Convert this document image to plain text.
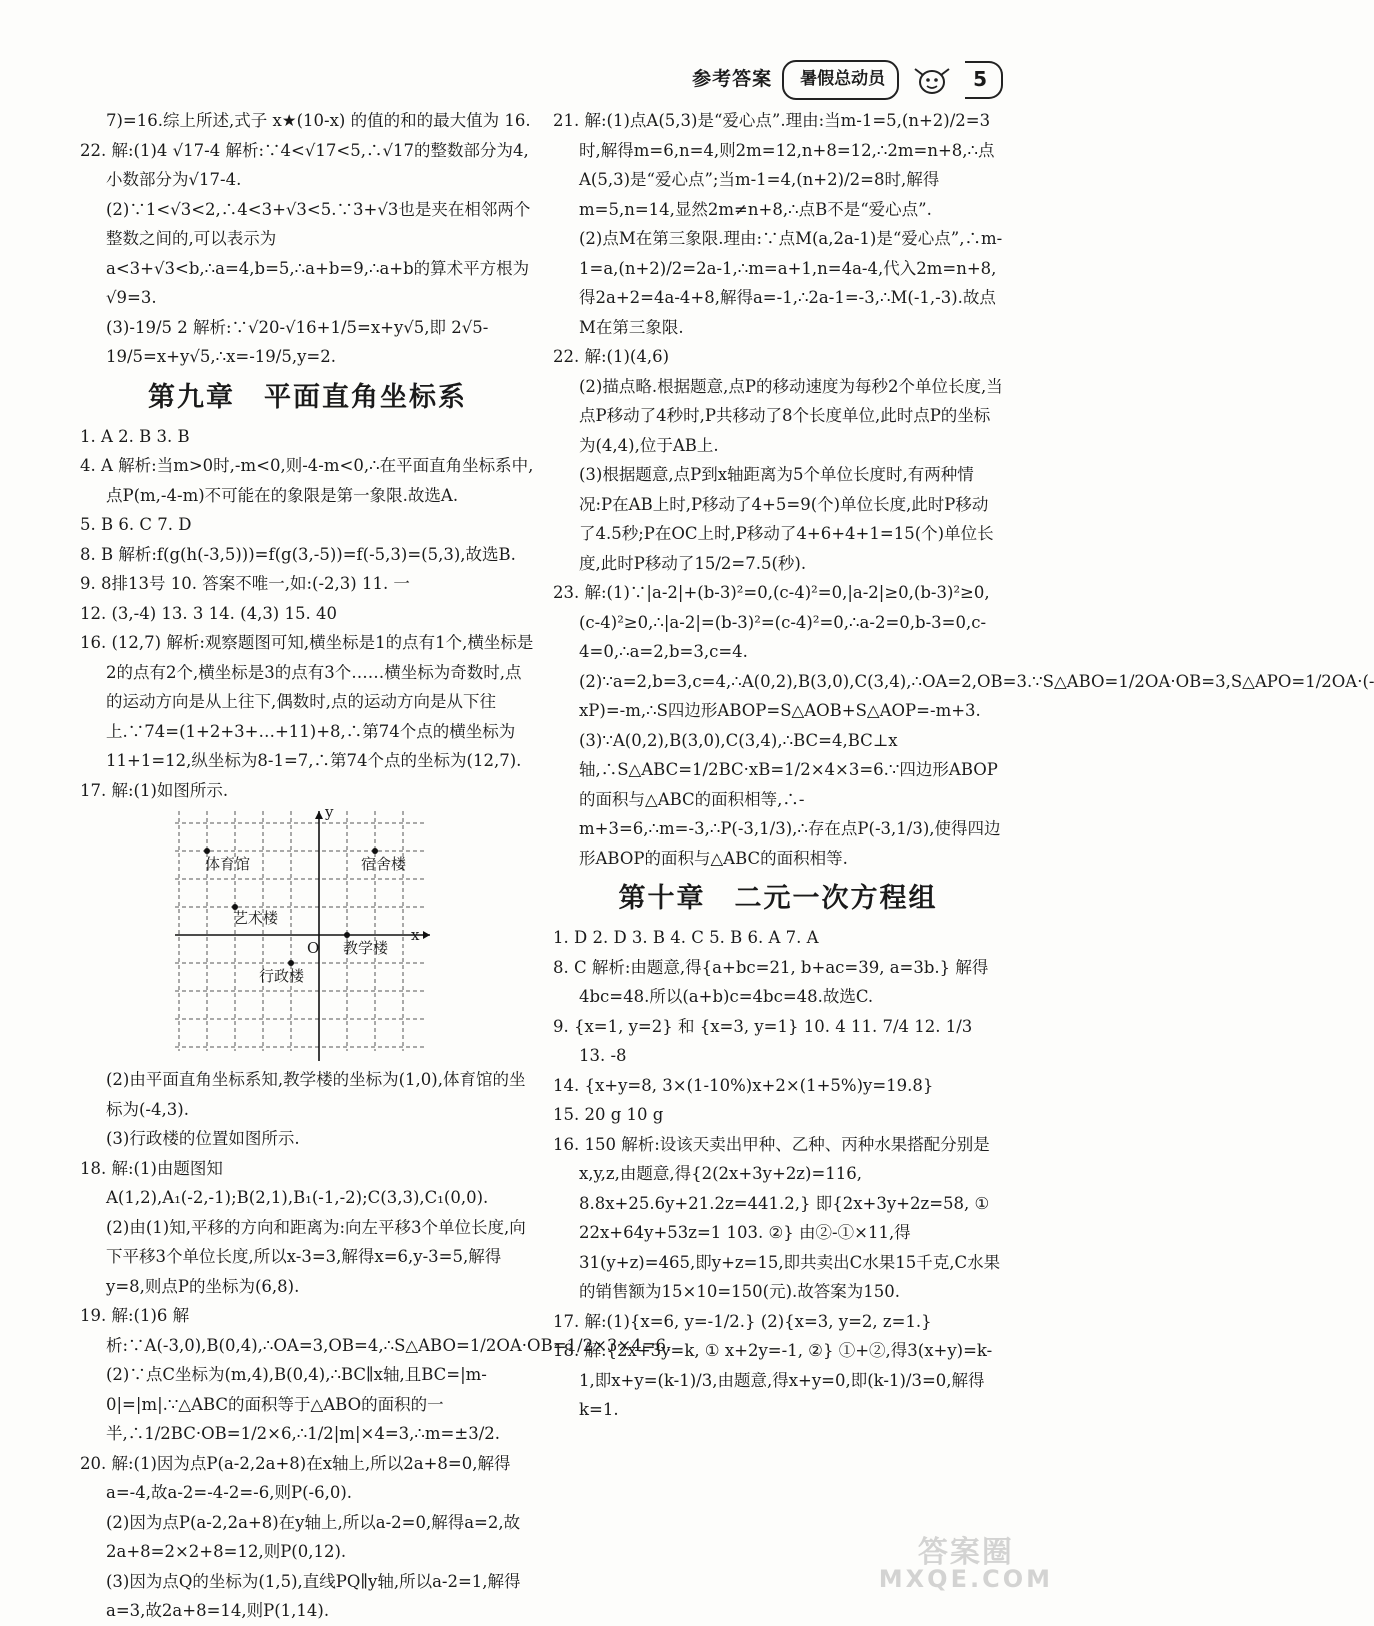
参考答案	暑假总动员	5

7)=16.综上所述,式子 x★(10-x) 的值的和的最大值为 16.

22. 解:(1)4 √17-4 解析:∵4<√17<5,∴√17的整数部分为4,小数部分为√17-4.

(2)∵1<√3<2,∴4<3+√3<5.∵3+√3也是夹在相邻两个整数之间的,可以表示为a<3+√3<b,∴a=4,b=5,∴a+b=9,∴a+b的算术平方根为√9=3.

(3)-19/5 2 解析:∵√20-√16+1/5=x+y√5,即 2√5-19/5=x+y√5,∴x=-19/5,y=2.

第九章　平面直角坐标系

1. A 2. B 3. B

4. A 解析:当m>0时,-m<0,则-4-m<0,∴在平面直角坐标系中,点P(m,-4-m)不可能在的象限是第一象限.故选A.

5. B 6. C 7. D

8. B 解析:f(g(h(-3,5)))=f(g(3,-5))=f(-5,3)=(5,3),故选B.

9. 8排13号 10. 答案不唯一,如:(-2,3) 11. 一

12. (3,-4) 13. 3 14. (4,3) 15. 40

16. (12,7) 解析:观察题图可知,横坐标是1的点有1个,横坐标是2的点有2个,横坐标是3的点有3个……横坐标为奇数时,点的运动方向是从上往下,偶数时,点的运动方向是从下往上.∵74=(1+2+3+…+11)+8,∴第74个点的横坐标为11+1=12,纵坐标为8-1=7,∴第74个点的坐标为(12,7).

17. 解:(1)如图所示.

x
y
O
宿舍楼
体育馆
艺术楼
教学楼
行政楼

(2)由平面直角坐标系知,教学楼的坐标为(1,0),体育馆的坐标为(-4,3).

(3)行政楼的位置如图所示.

18. 解:(1)由题图知A(1,2),A₁(-2,-1);B(2,1),B₁(-1,-2);C(3,3),C₁(0,0).

(2)由(1)知,平移的方向和距离为:向左平移3个单位长度,向下平移3个单位长度,所以x-3=3,解得x=6,y-3=5,解得y=8,则点P的坐标为(6,8).

19. 解:(1)6 解析:∵A(-3,0),B(0,4),∴OA=3,OB=4,∴S△ABO=1/2OA·OB=1/2×3×4=6.

(2)∵点C坐标为(m,4),B(0,4),∴BC∥x轴,且BC=|m-0|=|m|.∵△ABC的面积等于△ABO的面积的一半,∴1/2BC·OB=1/2×6,∴1/2|m|×4=3,∴m=±3/2.

20. 解:(1)因为点P(a-2,2a+8)在x轴上,所以2a+8=0,解得a=-4,故a-2=-4-2=-6,则P(-6,0).

(2)因为点P(a-2,2a+8)在y轴上,所以a-2=0,解得a=2,故2a+8=2×2+8=12,则P(0,12).

(3)因为点Q的坐标为(1,5),直线PQ∥y轴,所以a-2=1,解得a=3,故2a+8=14,则P(1,14).

21. 解:(1)点A(5,3)是“爱心点”.理由:当m-1=5,(n+2)/2=3时,解得m=6,n=4,则2m=12,n+8=12,∴2m=n+8,∴点A(5,3)是“爱心点”;当m-1=4,(n+2)/2=8时,解得m=5,n=14,显然2m≠n+8,∴点B不是“爱心点”.

(2)点M在第三象限.理由:∵点M(a,2a-1)是“爱心点”,∴m-1=a,(n+2)/2=2a-1,∴m=a+1,n=4a-4,代入2m=n+8,得2a+2=4a-4+8,解得a=-1,∴2a-1=-3,∴M(-1,-3).故点M在第三象限.

22. 解:(1)(4,6)

(2)描点略.根据题意,点P的移动速度为每秒2个单位长度,当点P移动了4秒时,P共移动了8个长度单位,此时点P的坐标为(4,4),位于AB上.

(3)根据题意,点P到x轴距离为5个单位长度时,有两种情况:P在AB上时,P移动了4+5=9(个)单位长度,此时P移动了4.5秒;P在OC上时,P移动了4+6+4+1=15(个)单位长度,此时P移动了15/2=7.5(秒).

23. 解:(1)∵|a-2|+(b-3)²=0,(c-4)²=0,|a-2|≥0,(b-3)²≥0,(c-4)²≥0,∴|a-2|=(b-3)²=(c-4)²=0,∴a-2=0,b-3=0,c-4=0,∴a=2,b=3,c=4.

(2)∵a=2,b=3,c=4,∴A(0,2),B(3,0),C(3,4),∴OA=2,OB=3.∵S△ABO=1/2OA·OB=3,S△APO=1/2OA·(-xP)=-m,∴S四边形ABOP=S△AOB+S△AOP=-m+3.

(3)∵A(0,2),B(3,0),C(3,4),∴BC=4,BC⊥x轴,∴S△ABC=1/2BC·xB=1/2×4×3=6.∵四边形ABOP的面积与△ABC的面积相等,∴-m+3=6,∴m=-3,∴P(-3,1/3),∴存在点P(-3,1/3),使得四边形ABOP的面积与△ABC的面积相等.

第十章　二元一次方程组

1. D 2. D 3. B 4. C 5. B 6. A 7. A

8. C 解析:由题意,得{a+bc=21, b+ac=39, a=3b.} 解得4bc=48.所以(a+b)c=4bc=48.故选C.

9. {x=1, y=2} 和 {x=3, y=1} 10. 4 11. 7/4 12. 1/3 13. -8

14. {x+y=8, 3×(1-10%)x+2×(1+5%)y=19.8}

15. 20 g 10 g

16. 150 解析:设该天卖出甲种、乙种、丙种水果搭配分别是x,y,z,由题意,得{2(2x+3y+2z)=116, 8.8x+25.6y+21.2z=441.2,} 即{2x+3y+2z=58, ① 22x+64y+53z=1 103. ②} 由②-①×11,得31(y+z)=465,即y+z=15,即共卖出C水果15千克,C水果的销售额为15×10=150(元).故答案为150.

17. 解:(1){x=6, y=-1/2.} (2){x=3, y=2, z=1.}

18. 解:{2x+3y=k, ① x+2y=-1, ②} ①+②,得3(x+y)=k-1,即x+y=(k-1)/3,由题意,得x+y=0,即(k-1)/3=0,解得k=1.

答案圈
MXQE.COM
